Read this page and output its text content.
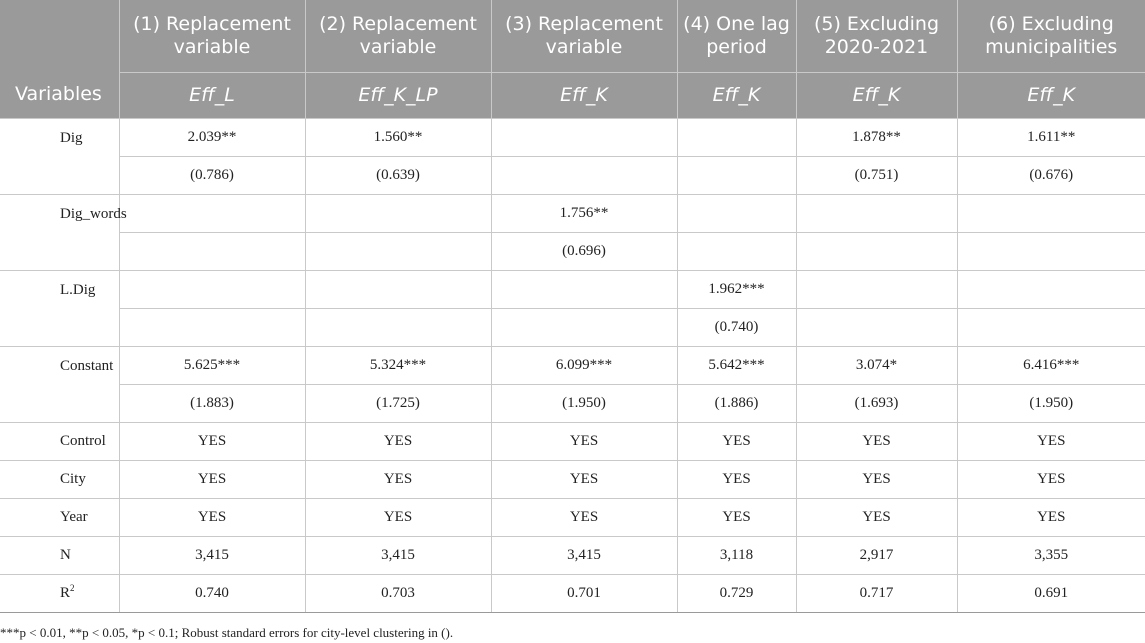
	(1) Replacement variable	(2) Replacement variable	(3) Replacement variable	(4) One lag period	(5) Excluding 2020-2021	(6) Excluding municipalities
Variables	Eff_L	Eff_K_LP	Eff_K	Eff_K	Eff_K	Eff_K
Dig	2.039**	1.560**			1.878**	1.611**
	(0.786)	(0.639)			(0.751)	(0.676)
Dig_words			1.756**			
			(0.696)			
L.Dig				1.962***		
				(0.740)		
Constant	5.625***	5.324***	6.099***	5.642***	3.074*	6.416***
	(1.883)	(1.725)	(1.950)	(1.886)	(1.693)	(1.950)
Control	YES	YES	YES	YES	YES	YES
City	YES	YES	YES	YES	YES	YES
Year	YES	YES	YES	YES	YES	YES
N	3,415	3,415	3,415	3,118	2,917	3,355
$R^2$	0.740	0.703	0.701	0.729	0.717	0.691
***p < 0.01, **p < 0.05, *p < 0.1; Robust standard errors for city-level clustering in ().
